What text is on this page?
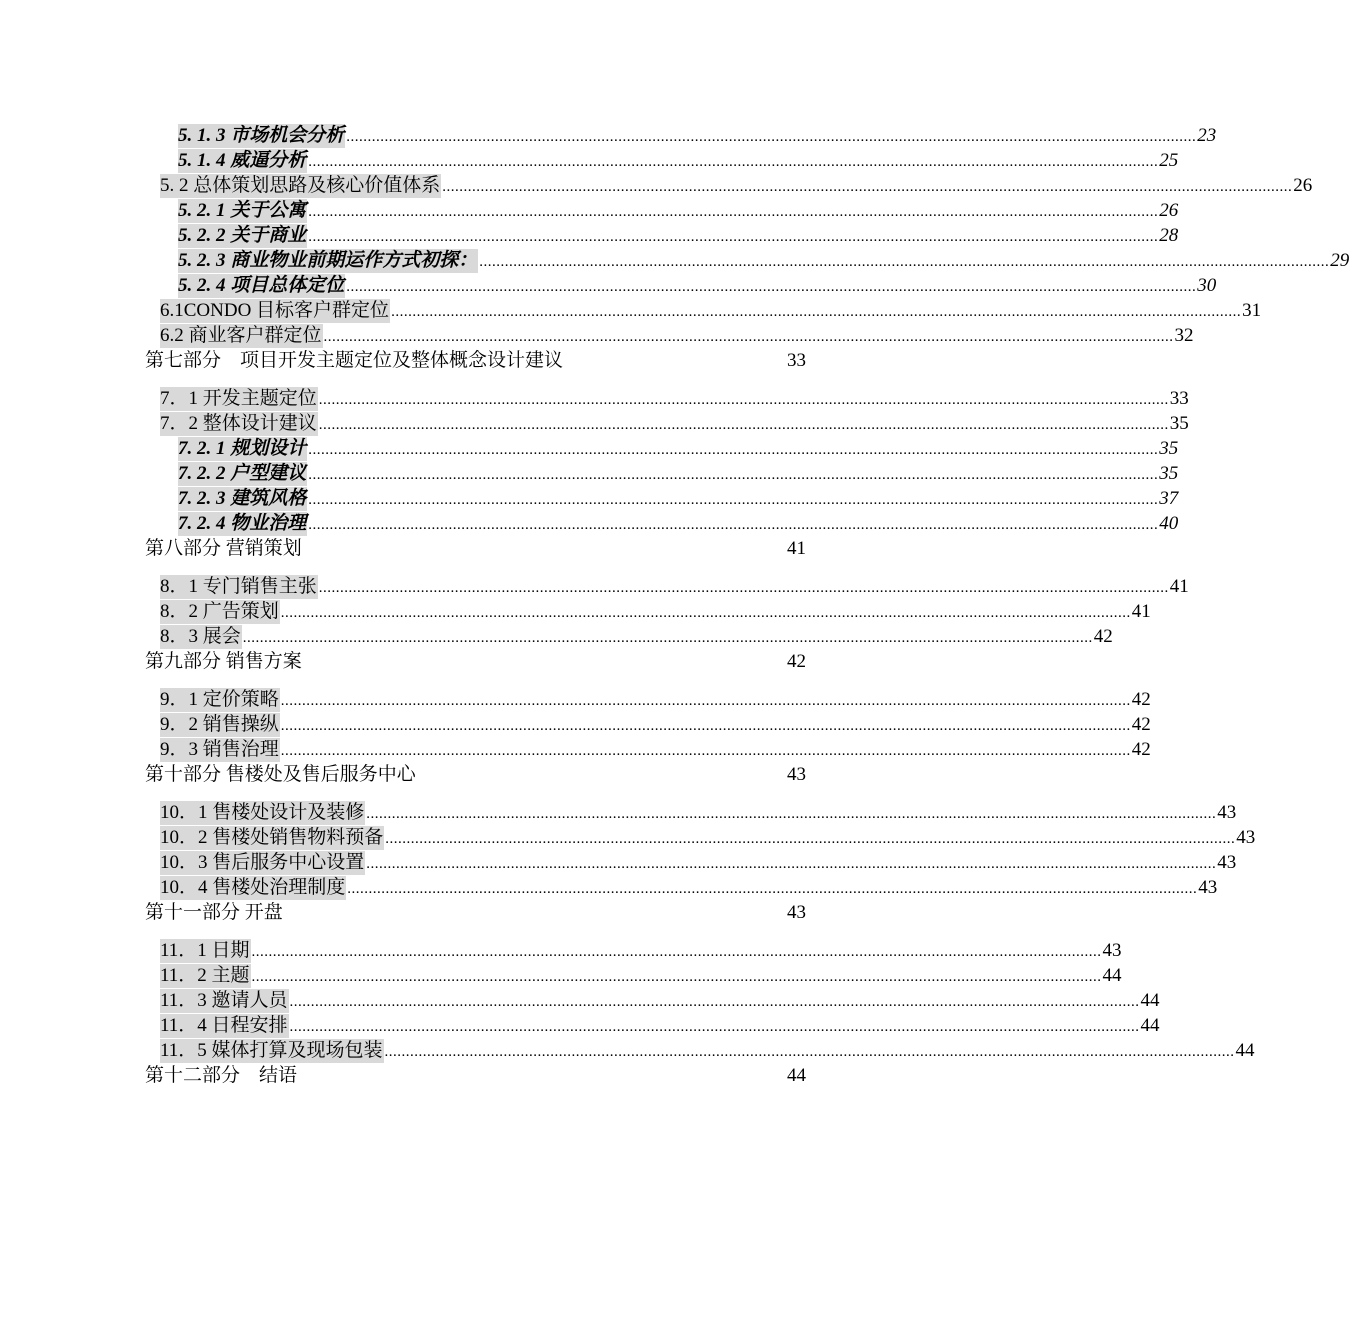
5. 1. 3 市场机会分析 ........................................................................................................................................................................................................ 23
5. 1. 4 威逼分析 ........................................................................................................................................................................................................ 25
5. 2 总体策划思路及核心价值体系 ........................................................................................................................................................................................................ 26
5. 2. 1 关于公寓 ........................................................................................................................................................................................................ 26
5. 2. 2 关于商业 ........................................................................................................................................................................................................ 28
5. 2. 3 商业物业前期运作方式初探： ........................................................................................................................................................................................................ 29
5. 2. 4 项目总体定位 ........................................................................................................................................................................................................ 30
6.1CONDO 目标客户群定位 ........................................................................................................................................................................................................ 31
6.2 商业客户群定位 ........................................................................................................................................................................................................ 32
第七部分　项目开发主题定位及整体概念设计建议	33
7．1 开发主题定位 ........................................................................................................................................................................................................ 33
7．2 整体设计建议 ........................................................................................................................................................................................................ 35
7. 2. 1 规划设计 ........................................................................................................................................................................................................ 35
7. 2. 2 户型建议 ........................................................................................................................................................................................................ 35
7. 2. 3 建筑风格 ........................................................................................................................................................................................................ 37
7. 2. 4 物业治理 ........................................................................................................................................................................................................ 40
第八部分 营销策划	41
8．1 专门销售主张 ........................................................................................................................................................................................................ 41
8．2 广告策划 ........................................................................................................................................................................................................ 41
8．3 展会 ........................................................................................................................................................................................................ 42
第九部分 销售方案	42
9．1 定价策略 ........................................................................................................................................................................................................ 42
9．2 销售操纵 ........................................................................................................................................................................................................ 42
9．3 销售治理 ........................................................................................................................................................................................................ 42
第十部分 售楼处及售后服务中心	43
10．1 售楼处设计及装修 ........................................................................................................................................................................................................ 43
10．2 售楼处销售物料预备 ........................................................................................................................................................................................................ 43
10．3 售后服务中心设置 ........................................................................................................................................................................................................ 43
10．4 售楼处治理制度 ........................................................................................................................................................................................................ 43
第十一部分 开盘	43
11．1 日期 ........................................................................................................................................................................................................ 43
11．2 主题 ........................................................................................................................................................................................................ 44
11．3 邀请人员 ........................................................................................................................................................................................................ 44
11．4 日程安排 ........................................................................................................................................................................................................ 44
11．5 媒体打算及现场包装 ........................................................................................................................................................................................................ 44
第十二部分　结语	44
